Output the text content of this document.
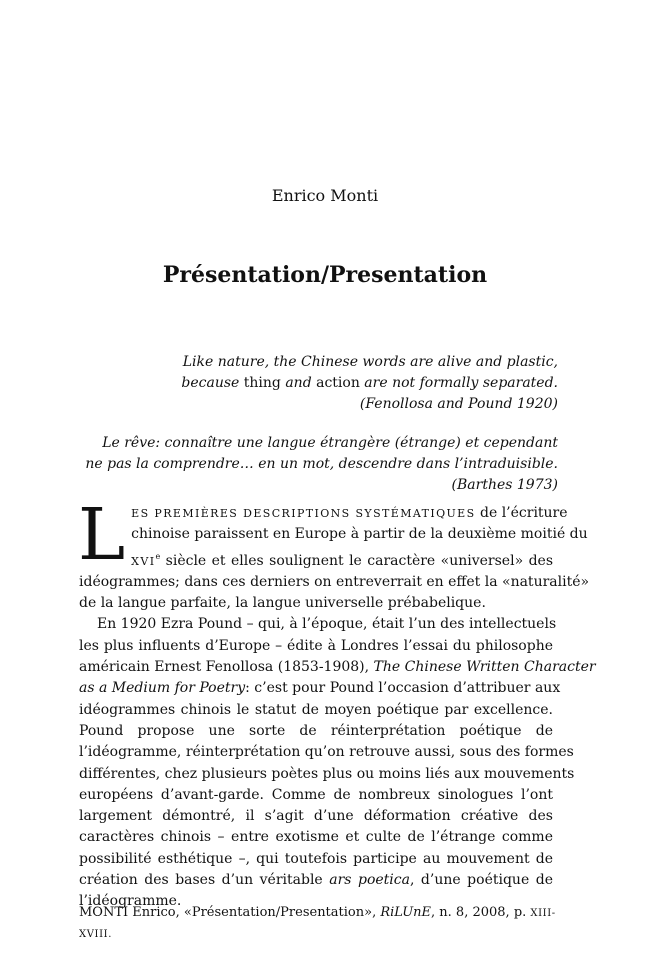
Enrico Monti
Présentation/Presentation
Like nature, the Chinese words are alive and plastic,
because thing and action are not formally separated.
(Fenollosa and Pound 1920)
Le rêve: connaître une langue étrangère (étrange) et cependant
ne pas la comprendre… en un mot, descendre dans l’intraduisible.
(Barthes 1973)
L ES PREMIÈRES DESCRIPTIONS SYSTÉMATIQUES de l’écriture
chinoise paraissent en Europe à partir de la deuxième moitié du
XVIe siècle et elles soulignent le caractère «universel» des
idéogrammes; dans ces derniers on entreverrait en effet la «naturalité»
de la langue parfaite, la langue universelle prébabelique.
En 1920 Ezra Pound – qui, à l’époque, était l’un des intellectuels
les plus influents d’Europe – édite à Londres l’essai du philosophe
américain Ernest Fenollosa (1853-1908), The Chinese Written Character
as a Medium for Poetry: c’est pour Pound l’occasion d’attribuer aux
idéogrammes chinois le statut de moyen poétique par excellence.
Pound propose une sorte de réinterprétation poétique de
l’idéogramme, réinterprétation qu’on retrouve aussi, sous des formes
différentes, chez plusieurs poètes plus ou moins liés aux mouvements
européens d’avant-garde. Comme de nombreux sinologues l’ont
largement démontré, il s’agit d’une déformation créative des
caractères chinois – entre exotisme et culte de l’étrange comme
possibilité esthétique –, qui toutefois participe au mouvement de
création des bases d’un véritable ars poetica, d’une poétique de
l’idéogramme.
MONTI Enrico, «Présentation/Presentation», RiLUnE, n. 8, 2008, p. XIII-
XVIII.
